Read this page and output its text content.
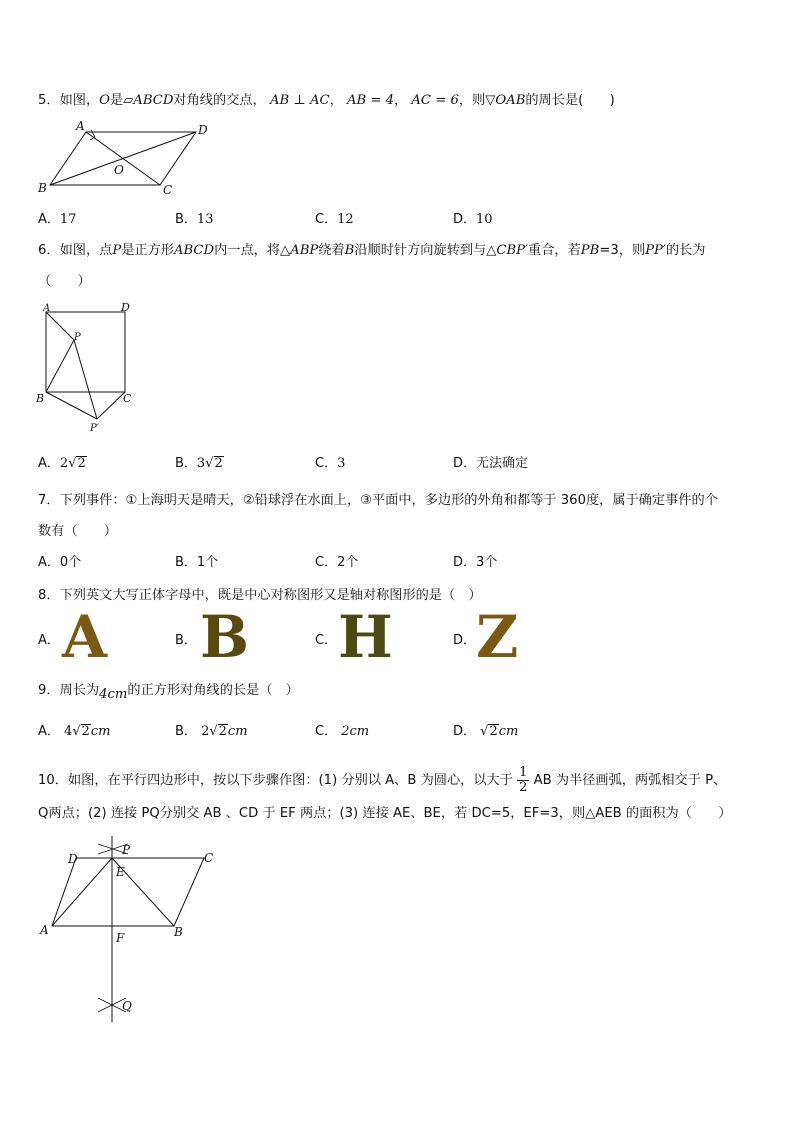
5．如图，O是▱ABCD对角线的交点， AB ⊥ AC， AB = 4， AC = 6，则▽OAB的周长是(　　)
A	D
B	C
O
A．17	B．13	C．12	D．10
6．如图，点P是正方形ABCD内一点，将△ABP绕着B沿顺时针方向旋转到与△CBP′重合，若PB=3，则PP′的长为
（　　）
A	D
P
B	C
P′
A．2√2	B．3√2	C．3	D．无法确定
7．下列事件：①上海明天是晴天，②铅球浮在水面上，③平面中，多边形的外角和都等于 360度，属于确定事件的个
数有（　　）
A．0个	B．1个	C．2个	D．3个
8．下列英文大写正体字母中，既是中心对称图形又是轴对称图形的是（　）
A． A	B． B	C． H	D． Z
9．周长为4cm的正方形对角线的长是（　）
A． 4√2cm	B． 2√2cm	C． 2cm	D． √2cm
10．如图，在平行四边形中，按以下步骤作图：(1) 分别以 A、B 为圆心，以大于 $\frac{1}{2}$ AB 为半径画弧，两弧相交于 P、
Q两点；(2) 连接 PQ分别交 AB 、CD 于 EF 两点；(3) 连接 AE、BE，若 DC=5，EF=3，则△AEB 的面积为（　　）
D
P
C
E
A
F	B
Q
